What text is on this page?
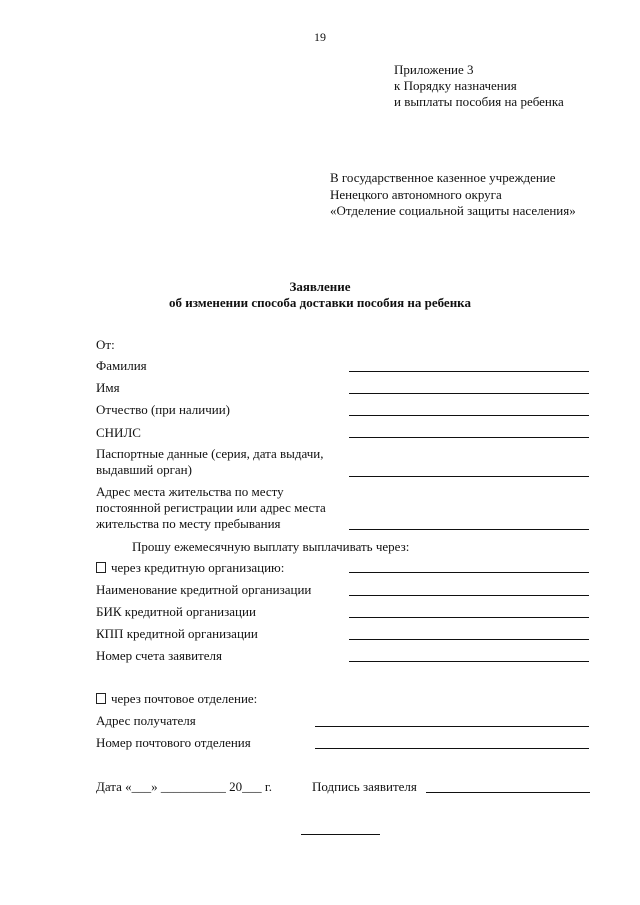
19
Приложение 3
к Порядку назначения
и выплаты пособия на ребенка
В государственное казенное учреждение
Ненецкого автономного округа
«Отделение социальной защиты населения»
Заявление
об изменении способа доставки пособия на ребенка
От:
Фамилия
Имя
Отчество (при наличии)
СНИЛС
Паспортные данные (серия, дата выдачи, выдавший орган)
Адрес места жительства по месту постоянной регистрации или адрес места жительства по месту пребывания
Прошу ежемесячную выплату выплачивать через:
через кредитную организацию:
Наименование кредитной организации
БИК кредитной организации
КПП кредитной организации
Номер счета заявителя
через почтовое отделение:
Адрес получателя
Номер почтового отделения
Дата «___» __________ 20___ г.	Подпись заявителя
